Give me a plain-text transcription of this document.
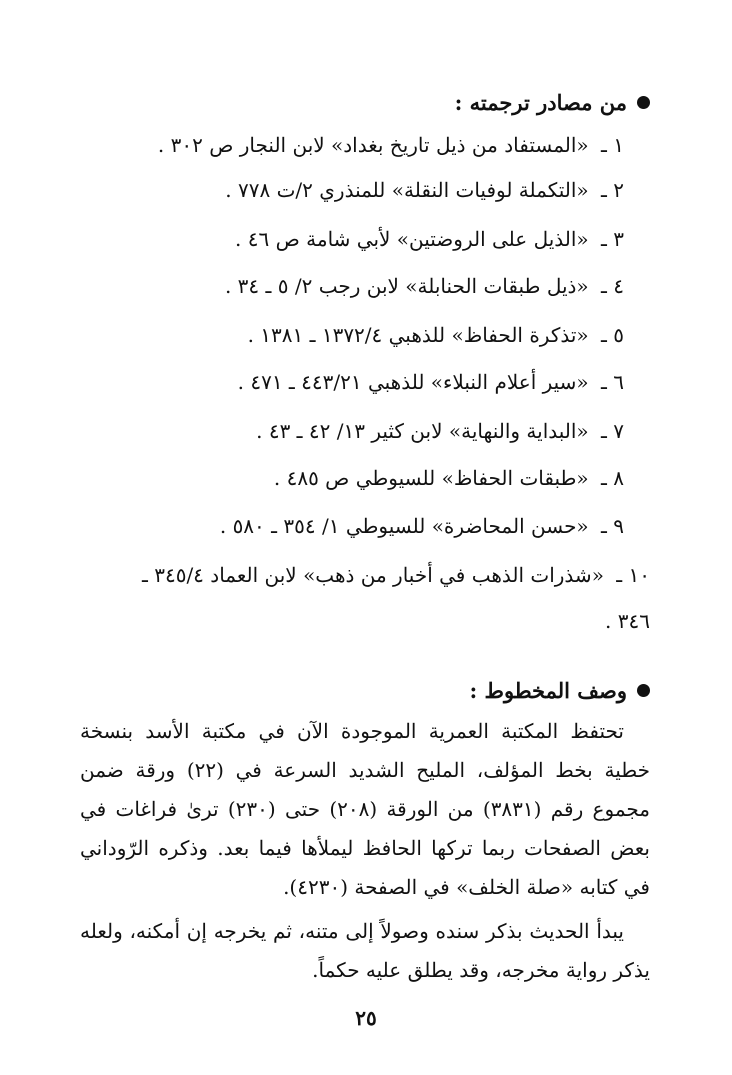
من مصادر ترجمته :
١ ـ «المستفاد من ذيل تاريخ بغداد» لابن النجار ص ٣٠٢ .
٢ ـ «التكملة لوفيات النقلة» للمنذري ٢/ت ٧٧٨ .
٣ ـ «الذيل على الروضتين» لأبي شامة ص ٤٦ .
٤ ـ «ذيل طبقات الحنابلة» لابن رجب ٢/ ٥ ـ ٣٤ .
٥ ـ «تذكرة الحفاظ» للذهبي ١٣٧٢/٤ ـ ١٣٨١ .
٦ ـ «سير أعلام النبلاء» للذهبي ٤٤٣/٢١ ـ ٤٧١ .
٧ ـ «البداية والنهاية» لابن كثير ١٣/ ٤٢ ـ ٤٣ .
٨ ـ «طبقات الحفاظ» للسيوطي ص ٤٨٥ .
٩ ـ «حسن المحاضرة» للسيوطي ١/ ٣٥٤ ـ ٥٨٠ .
١٠ ـ «شذرات الذهب في أخبار من ذهب» لابن العماد ٣٤٥/٤ ـ
٣٤٦ .
وصف المخطوط :

تحتفظ المكتبة العمرية الموجودة الآن في مكتبة الأسد بنسخة خطية بخط المؤلف، المليح الشديد السرعة في (٢٢) ورقة ضمن مجموع رقم (٣٨٣١) من الورقة (٢٠٨) حتى (٢٣٠) ترىٰ فراغات في بعض الصفحات ربما تركها الحافظ ليملأها فيما بعد. وذكره الرّوداني في كتابه «صلة الخلف» في الصفحة (٤٢٣٠).

يبدأ الحديث بذكر سنده وصولاً إلى متنه، ثم يخرجه إن أمكنه، ولعله يذكر رواية مخرجه، وقد يطلق عليه حكماً.

٢٥
